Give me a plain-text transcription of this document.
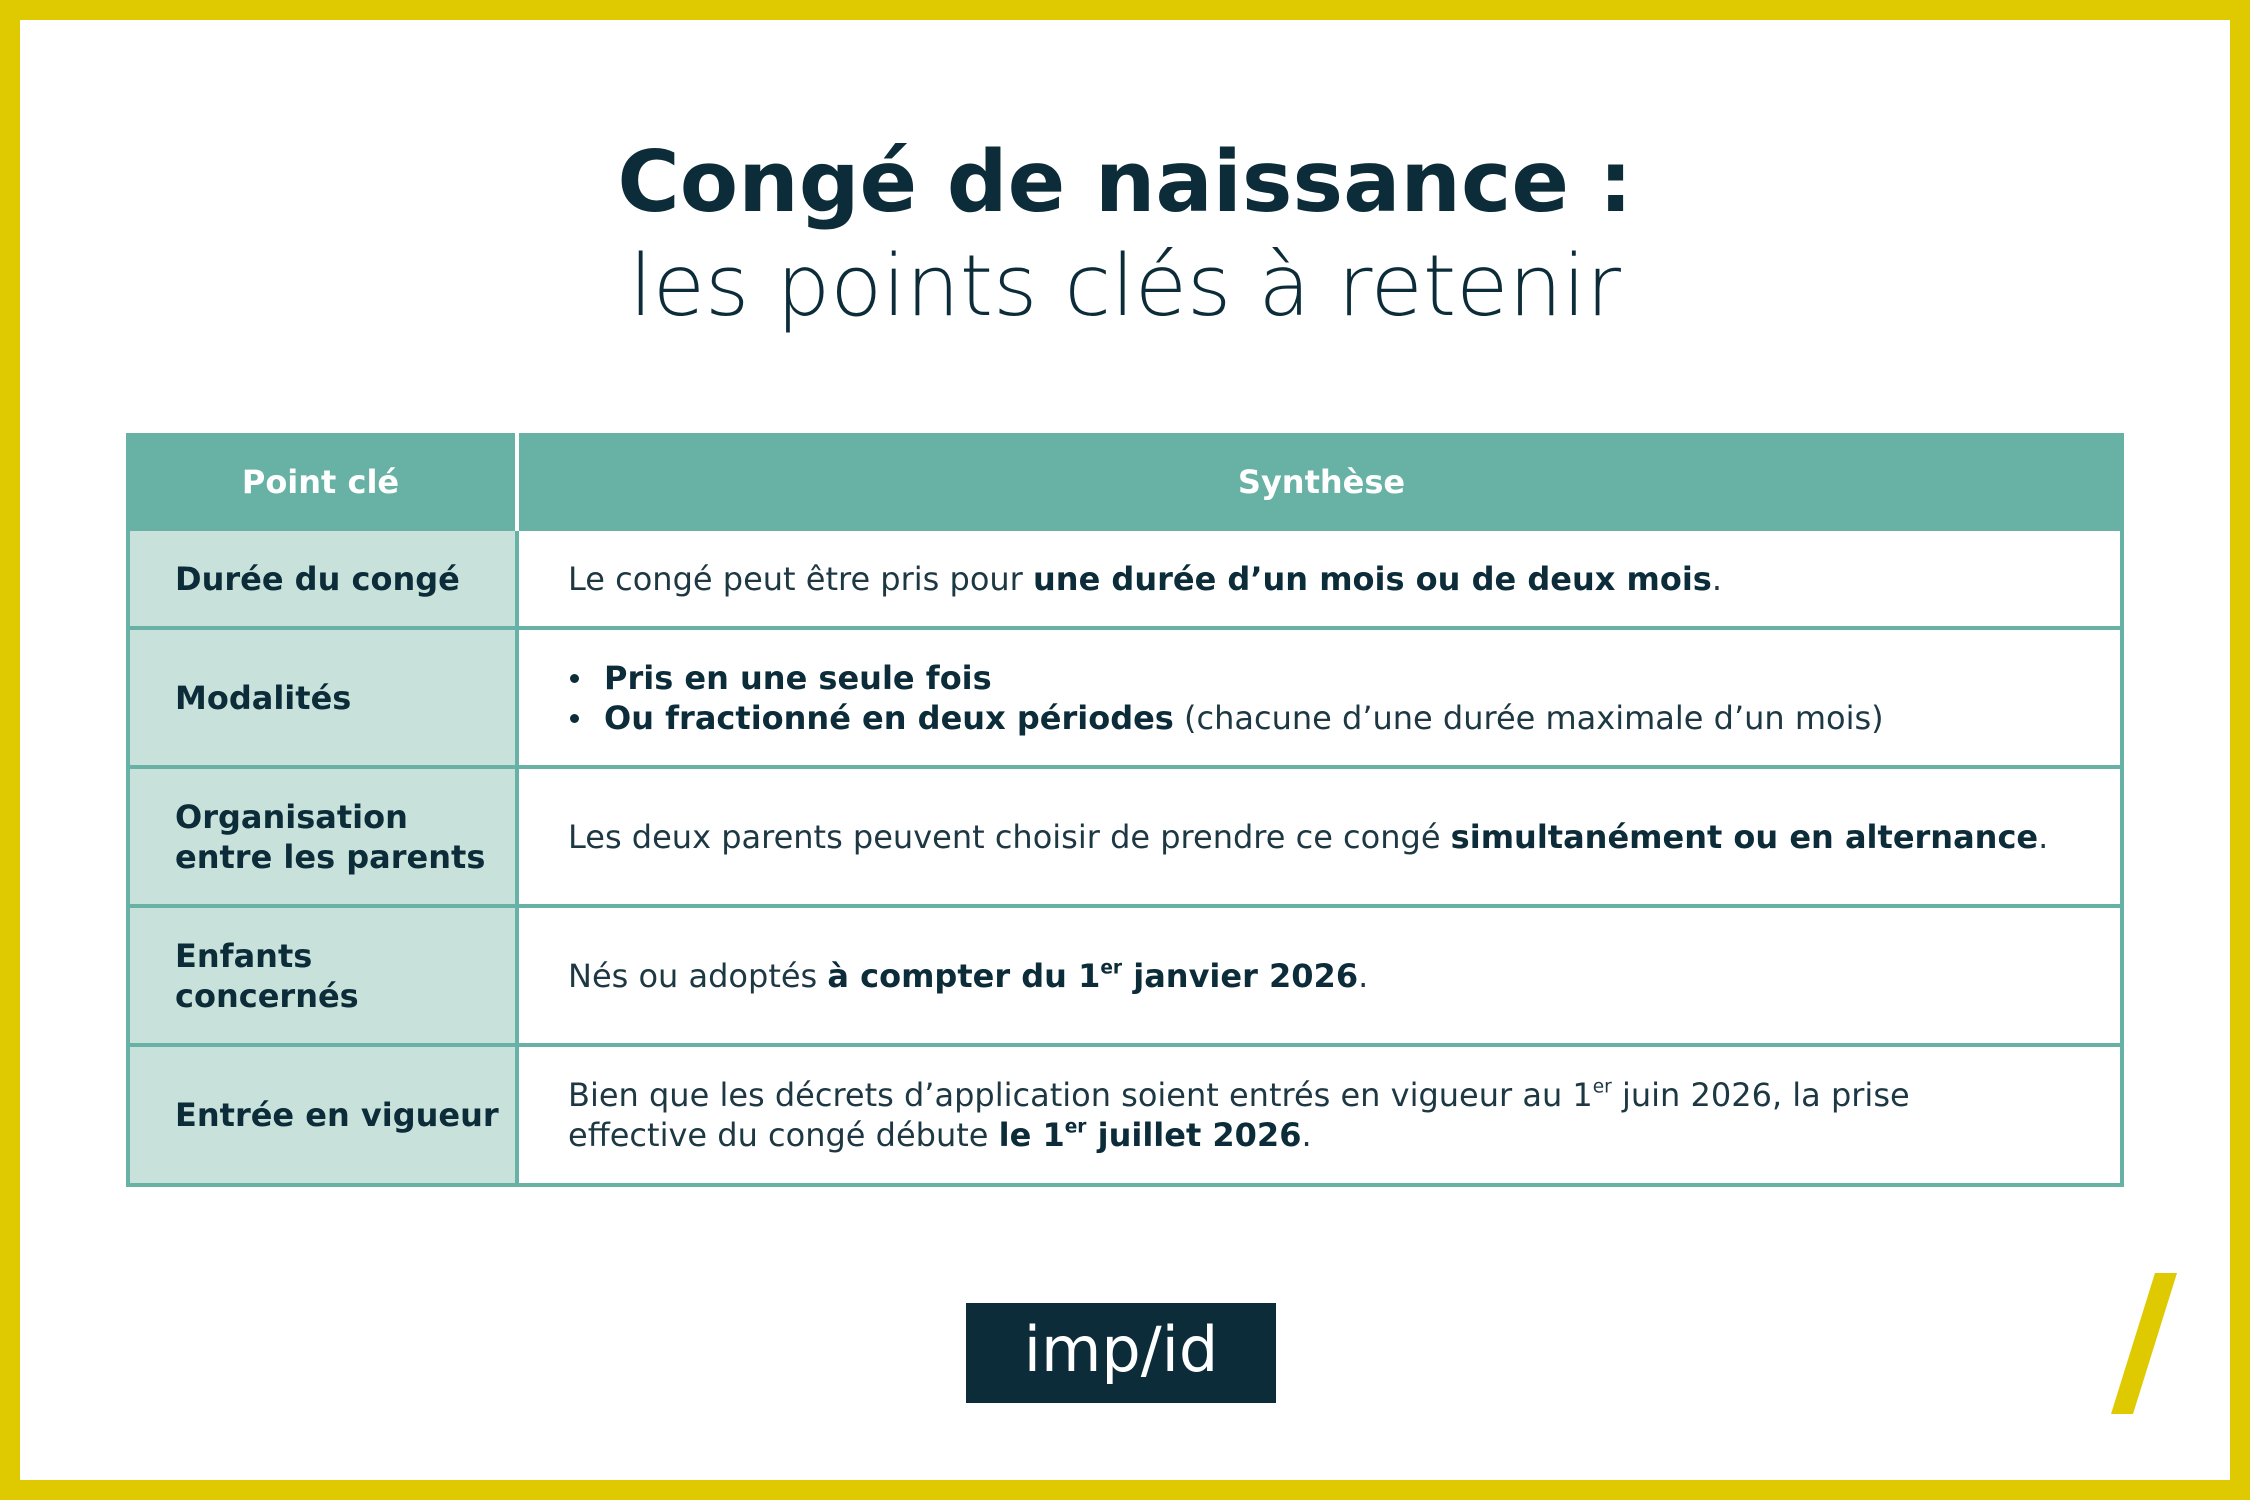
Congé de naissance :
les points clés à retenir
Point clé	Synthèse
Durée du congé	Le congé peut être pris pour une durée d’un mois ou de deux mois.
Modalités
Pris en une seule fois
Ou fractionné en deux périodes (chacune d’une durée maximale d’un mois)
Organisation
entre les parents
Les deux parents peuvent choisir de prendre ce congé simultanément ou en alternance.
Enfants
concernés
Nés ou adoptés à compter du 1er janvier 2026.
Entrée en vigueur
Bien que les décrets d’application soient entrés en vigueur au 1er juin 2026, la prise
effective du congé débute le 1er juillet 2026.
imp/id
